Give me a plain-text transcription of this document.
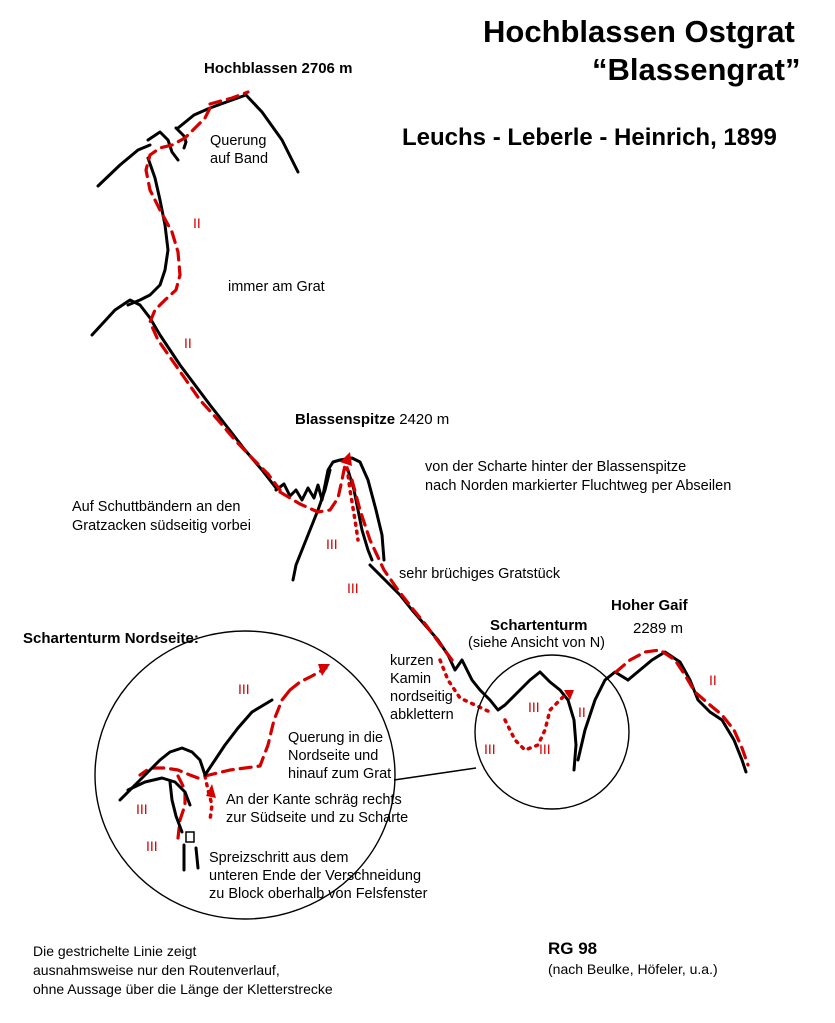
Hochblassen Ostgrat
“Blassengrat”
Leuchs - Leberle - Heinrich, 1899
Hochblassen 2706 m
Blassenspitze 2420 m
Hoher Gaif
2289 m
Schartenturm
(siehe Ansicht von N)
Querung
auf Band
immer am Grat
von der Scharte hinter der Blassenspitze
nach Norden markierter Fluchtweg per Abseilen
Auf Schuttbändern an den
Gratzacken südseitig vorbei
sehr brüchiges Gratstück
kurzen
Kamin
nordseitig
abklettern
II
II
III
III
II
III
III	III
II
III
III
III
Schartenturm Nordseite:
Querung in die
Nordseite und
hinauf zum Grat
An der Kante schräg rechts
zur Südseite und zu Scharte
Spreizschritt aus dem
unteren Ende der Verschneidung
zu Block oberhalb von Felsfenster
Die gestrichelte Linie zeigt
ausnahmsweise nur den Routenverlauf,
ohne Aussage über die Länge der Kletterstrecke
RG 98
(nach Beulke, Höfeler, u.a.)
